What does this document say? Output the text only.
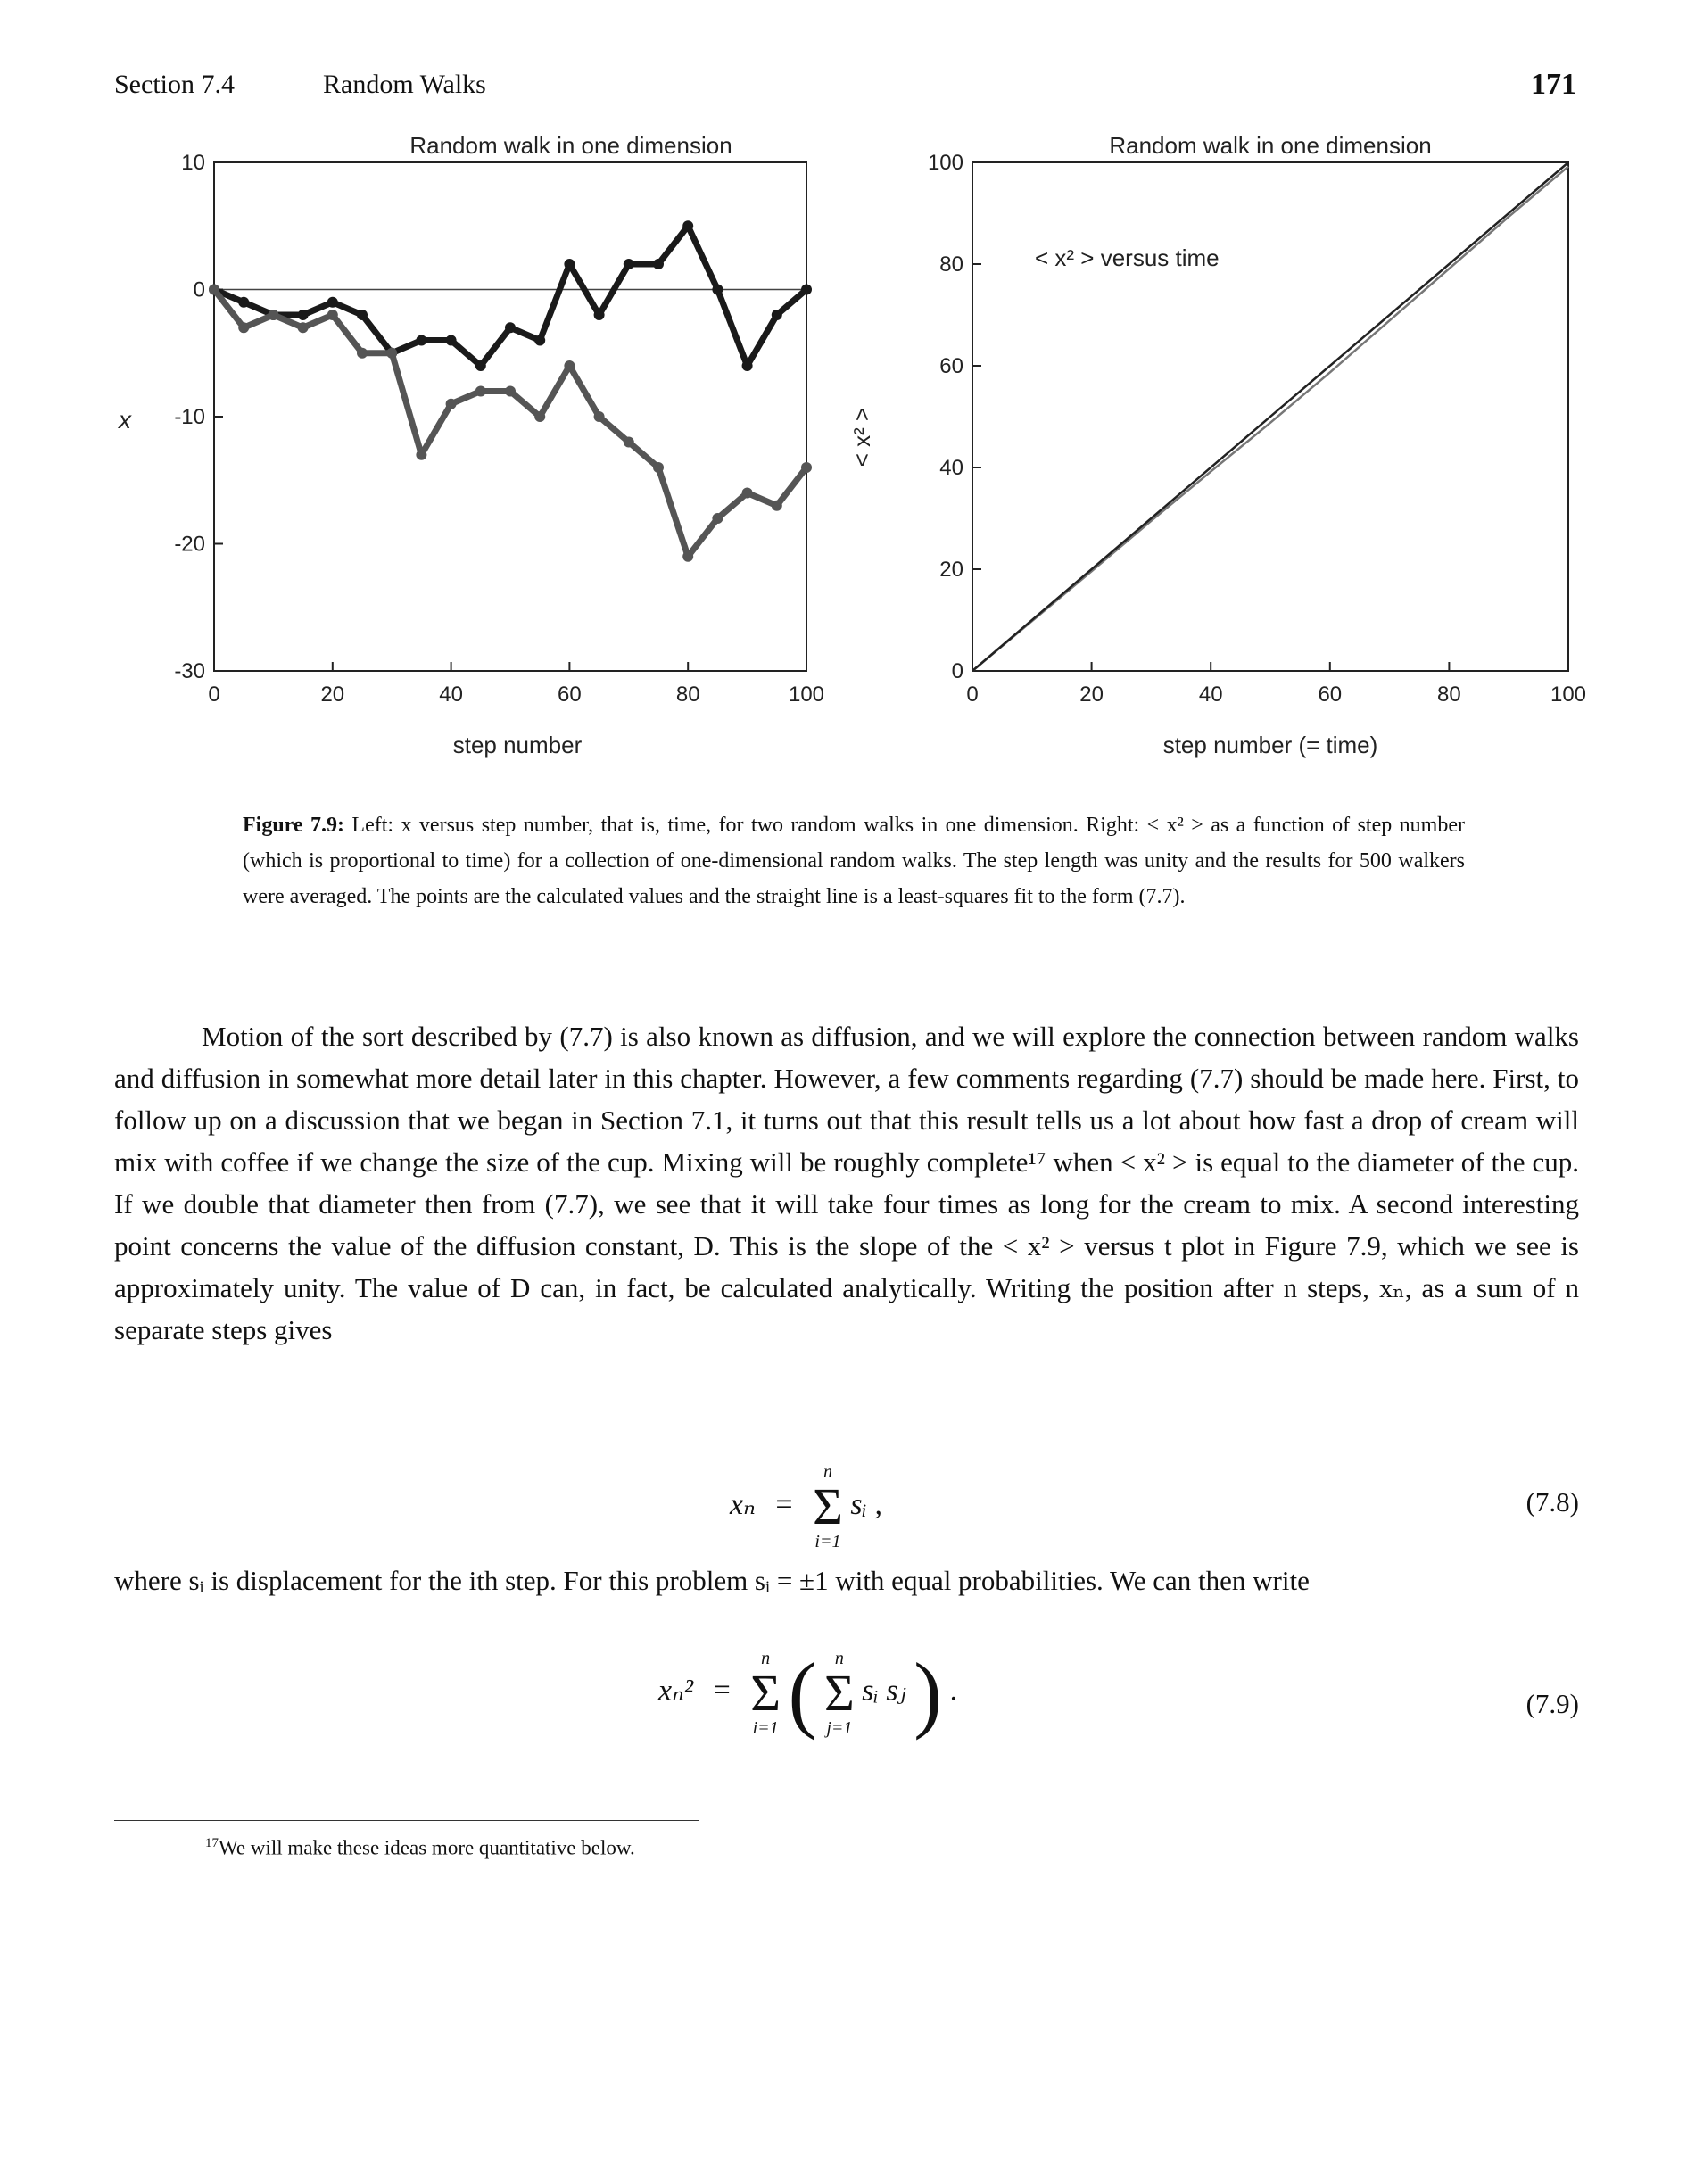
Section 7.4	Random Walks	171
Random walk in one dimension
step number
x
0	20	40	60	80	100
10
0
-10
-20
-30
Random walk in one dimension
step number (= time)
< x² >
< x² > versus time
0	20	40	60	80	100
0
20
40
60
80
100
Figure 7.9: Left: x versus step number, that is, time, for two random walks in one dimension. Right: < x² > as a function of step number (which is proportional to time) for a collection of one-dimensional random walks. The step length was unity and the results for 500 walkers were averaged. The points are the calculated values and the straight line is a least-squares fit to the form (7.7).

Motion of the sort described by (7.7) is also known as diffusion, and we will explore the connection between random walks and diffusion in somewhat more detail later in this chapter. However, a few comments regarding (7.7) should be made here. First, to follow up on a discussion that we began in Section 7.1, it turns out that this result tells us a lot about how fast a drop of cream will mix with coffee if we change the size of the cup. Mixing will be roughly complete¹⁷ when < x² > is equal to the diameter of the cup. If we double that diameter then from (7.7), we see that it will take four times as long for the cream to mix. A second interesting point concerns the value of the diffusion constant, D. This is the slope of the < x² > versus t plot in Figure 7.9, which we see is approximately unity. The value of D can, in fact, be calculated analytically. Writing the position after n steps, xₙ, as a sum of n separate steps gives

xₙ =
n
Σ
i=1
sᵢ ,	(7.8)
where sᵢ is displacement for the ith step. For this problem sᵢ = ±1 with equal probabilities. We can then write
xₙ² =
n
Σ
i=1 (	n
Σ
j=1
sᵢ sⱼ ) .	(7.9)
$^{17}$We will make these ideas more quantitative below.
